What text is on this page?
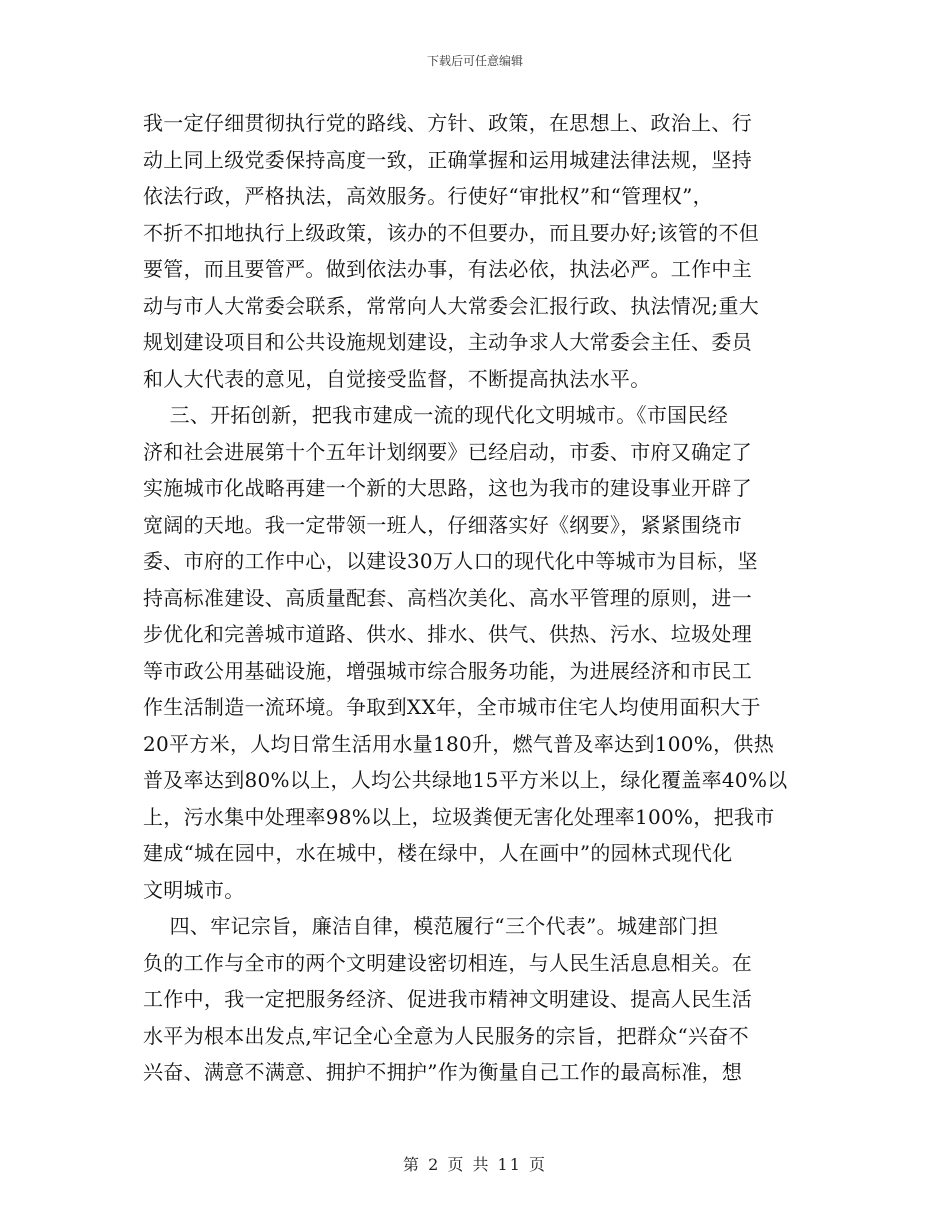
下载后可任意编辑
我一定仔细贯彻执行党的路线、方针、政策，在思想上、政治上、行
动上同上级党委保持高度一致，正确掌握和运用城建法律法规，坚持
依法行政，严格执法，高效服务。行使好“审批权”和“管理权”，
不折不扣地执行上级政策，该办的不但要办，而且要办好;该管的不但
要管，而且要管严。做到依法办事，有法必依，执法必严。工作中主
动与市人大常委会联系，常常向人大常委会汇报行政、执法情况;重大
规划建设项目和公共设施规划建设，主动争求人大常委会主任、委员
和人大代表的意见，自觉接受监督，不断提高执法水平。
三、开拓创新，把我市建成一流的现代化文明城市。《市国民经
济和社会进展第十个五年计划纲要》已经启动，市委、市府又确定了
实施城市化战略再建一个新的大思路，这也为我市的建设事业开辟了
宽阔的天地。我一定带领一班人，仔细落实好《纲要》，紧紧围绕市
委、市府的工作中心，以建设30万人口的现代化中等城市为目标，坚
持高标准建设、高质量配套、高档次美化、高水平管理的原则，进一
步优化和完善城市道路、供水、排水、供气、供热、污水、垃圾处理
等市政公用基础设施，增强城市综合服务功能，为进展经济和市民工
作生活制造一流环境。争取到XX年，全市城市住宅人均使用面积大于
20平方米，人均日常生活用水量180升，燃气普及率达到100%，供热
普及率达到80%以上，人均公共绿地15平方米以上，绿化覆盖率40%以
上，污水集中处理率98%以上，垃圾粪便无害化处理率100%，把我市
建成“城在园中，水在城中，楼在绿中，人在画中”的园林式现代化
文明城市。
四、牢记宗旨，廉洁自律，模范履行“三个代表”。城建部门担
负的工作与全市的两个文明建设密切相连，与人民生活息息相关。在
工作中，我一定把服务经济、促进我市精神文明建设、提高人民生活
水平为根本出发点,牢记全心全意为人民服务的宗旨，把群众“兴奋不
兴奋、满意不满意、拥护不拥护”作为衡量自己工作的最高标准，想
第 2 页 共 11 页
